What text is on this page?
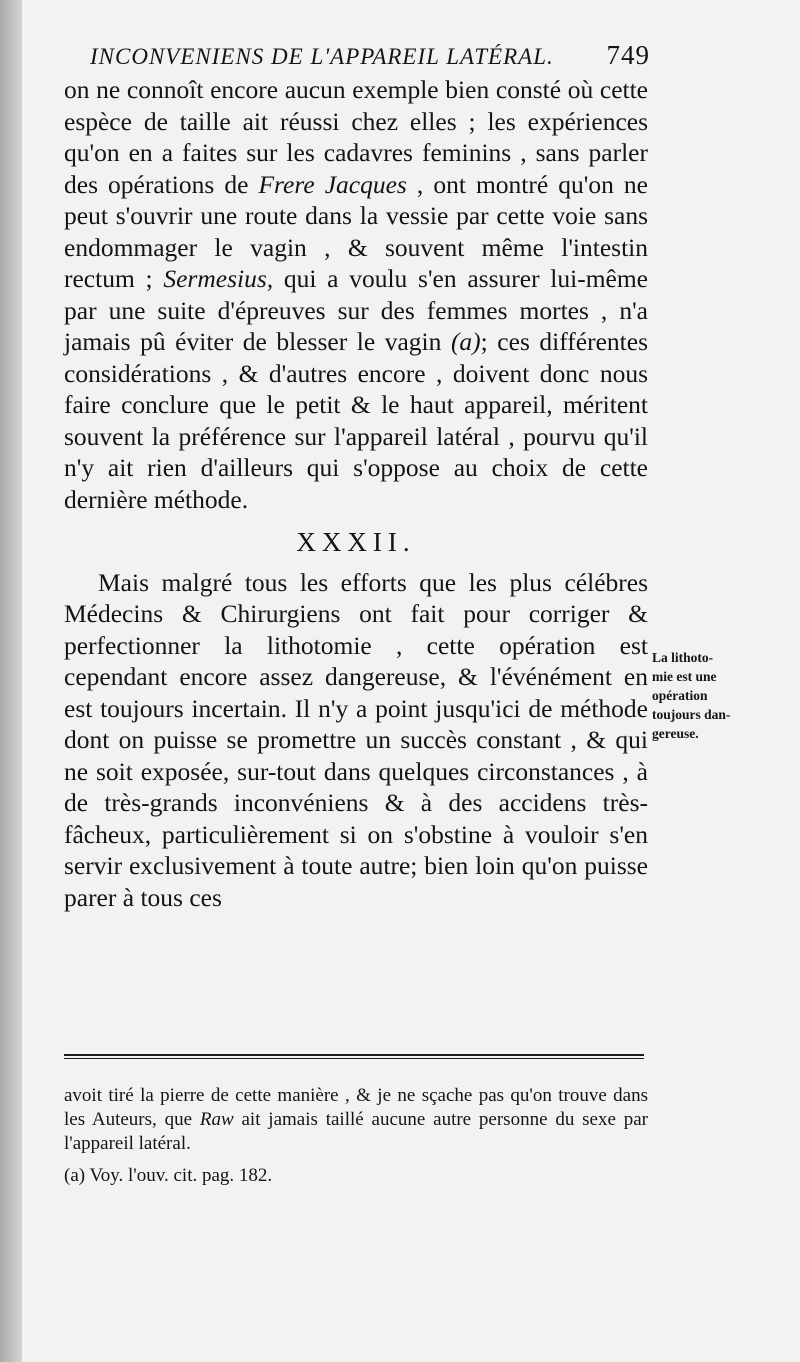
INCONVENIENS DE L'APPAREIL LATÉRAL. 749

on ne connoît encore aucun exemple bien consté où cette espèce de taille ait réussi chez elles ; les expériences qu'on en a faites sur les cadavres feminins , sans parler des opérations de Frere Jacques , ont montré qu'on ne peut s'ouvrir une route dans la vessie par cette voie sans endommager le vagin , & souvent même l'intestin rectum ; Sermesius, qui a voulu s'en assurer lui-même par une suite d'épreuves sur des femmes mortes , n'a jamais pû éviter de blesser le vagin (a); ces différentes considérations , & d'autres encore , doivent donc nous faire conclure que le petit & le haut appareil, méritent souvent la préférence sur l'appareil latéral , pourvu qu'il n'y ait rien d'ailleurs qui s'oppose au choix de cette dernière méthode.

XXXII.

Mais malgré tous les efforts que les plus célébres Médecins & Chirurgiens ont fait pour corriger & perfectionner la lithotomie , cette opération est cependant encore assez dangereuse, & l'événément en est toujours incertain. Il n'y a point jusqu'ici de méthode dont on puisse se promettre un succès constant , & qui ne soit exposée, sur-tout dans quelques circonstances , à de très-grands inconvéniens & à des accidens très-fâcheux, particulièrement si on s'obstine à vouloir s'en servir exclusivement à toute autre; bien loin qu'on puisse parer à tous ces

La lithoto-
mie est une
opération
toujours dan-
gereuse.

avoit tiré la pierre de cette manière , & je ne sçache pas qu'on trouve dans les Auteurs, que Raw ait jamais taillé aucune autre personne du sexe par l'appareil latéral.

(a) Voy. l'ouv. cit. pag. 182.
